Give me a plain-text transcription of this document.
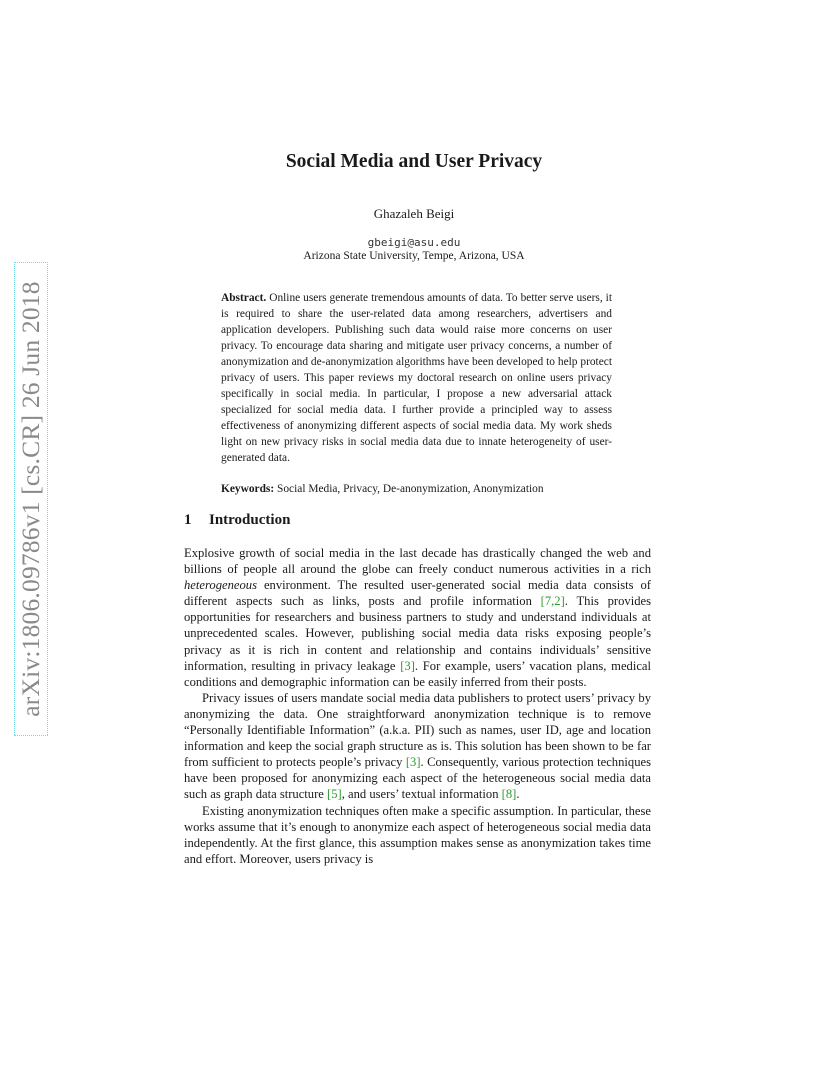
arXiv:1806.09786v1 [cs.CR] 26 Jun 2018
Social Media and User Privacy
Ghazaleh Beigi
gbeigi@asu.edu
Arizona State University, Tempe, Arizona, USA
Abstract. Online users generate tremendous amounts of data. To better serve users, it is required to share the user-related data among researchers, advertisers and application developers. Publishing such data would raise more concerns on user privacy. To encourage data sharing and mitigate user privacy concerns, a number of anonymization and de-anonymization algorithms have been developed to help protect privacy of users. This paper reviews my doctoral research on online users privacy specifically in social media. In particular, I propose a new adversarial attack specialized for social media data. I further provide a principled way to assess effectiveness of anonymizing different aspects of social media data. My work sheds light on new privacy risks in social media data due to innate heterogeneity of user-generated data.
Keywords: Social Media, Privacy, De-anonymization, Anonymization
1 Introduction

Explosive growth of social media in the last decade has drastically changed the web and billions of people all around the globe can freely conduct numerous activities in a rich heterogeneous environment. The resulted user-generated social media data consists of different aspects such as links, posts and profile information [7,2]. This provides opportunities for researchers and business partners to study and understand individuals at unprecedented scales. However, publishing social media data risks exposing people’s privacy as it is rich in content and relationship and contains individuals’ sensitive information, resulting in privacy leakage [3]. For example, users’ vacation plans, medical conditions and demographic information can be easily inferred from their posts.

Privacy issues of users mandate social media data publishers to protect users’ privacy by anonymizing the data. One straightforward anonymization technique is to remove “Personally Identifiable Information” (a.k.a. PII) such as names, user ID, age and location information and keep the social graph structure as is. This solution has been shown to be far from sufficient to protects people’s privacy [3]. Consequently, various protection techniques have been proposed for anonymizing each aspect of the heterogeneous social media data such as graph data structure [5], and users’ textual information [8].

Existing anonymization techniques often make a specific assumption. In particular, these works assume that it’s enough to anonymize each aspect of heterogeneous social media data independently. At the first glance, this assumption makes sense as anonymization takes time and effort. Moreover, users privacy is
